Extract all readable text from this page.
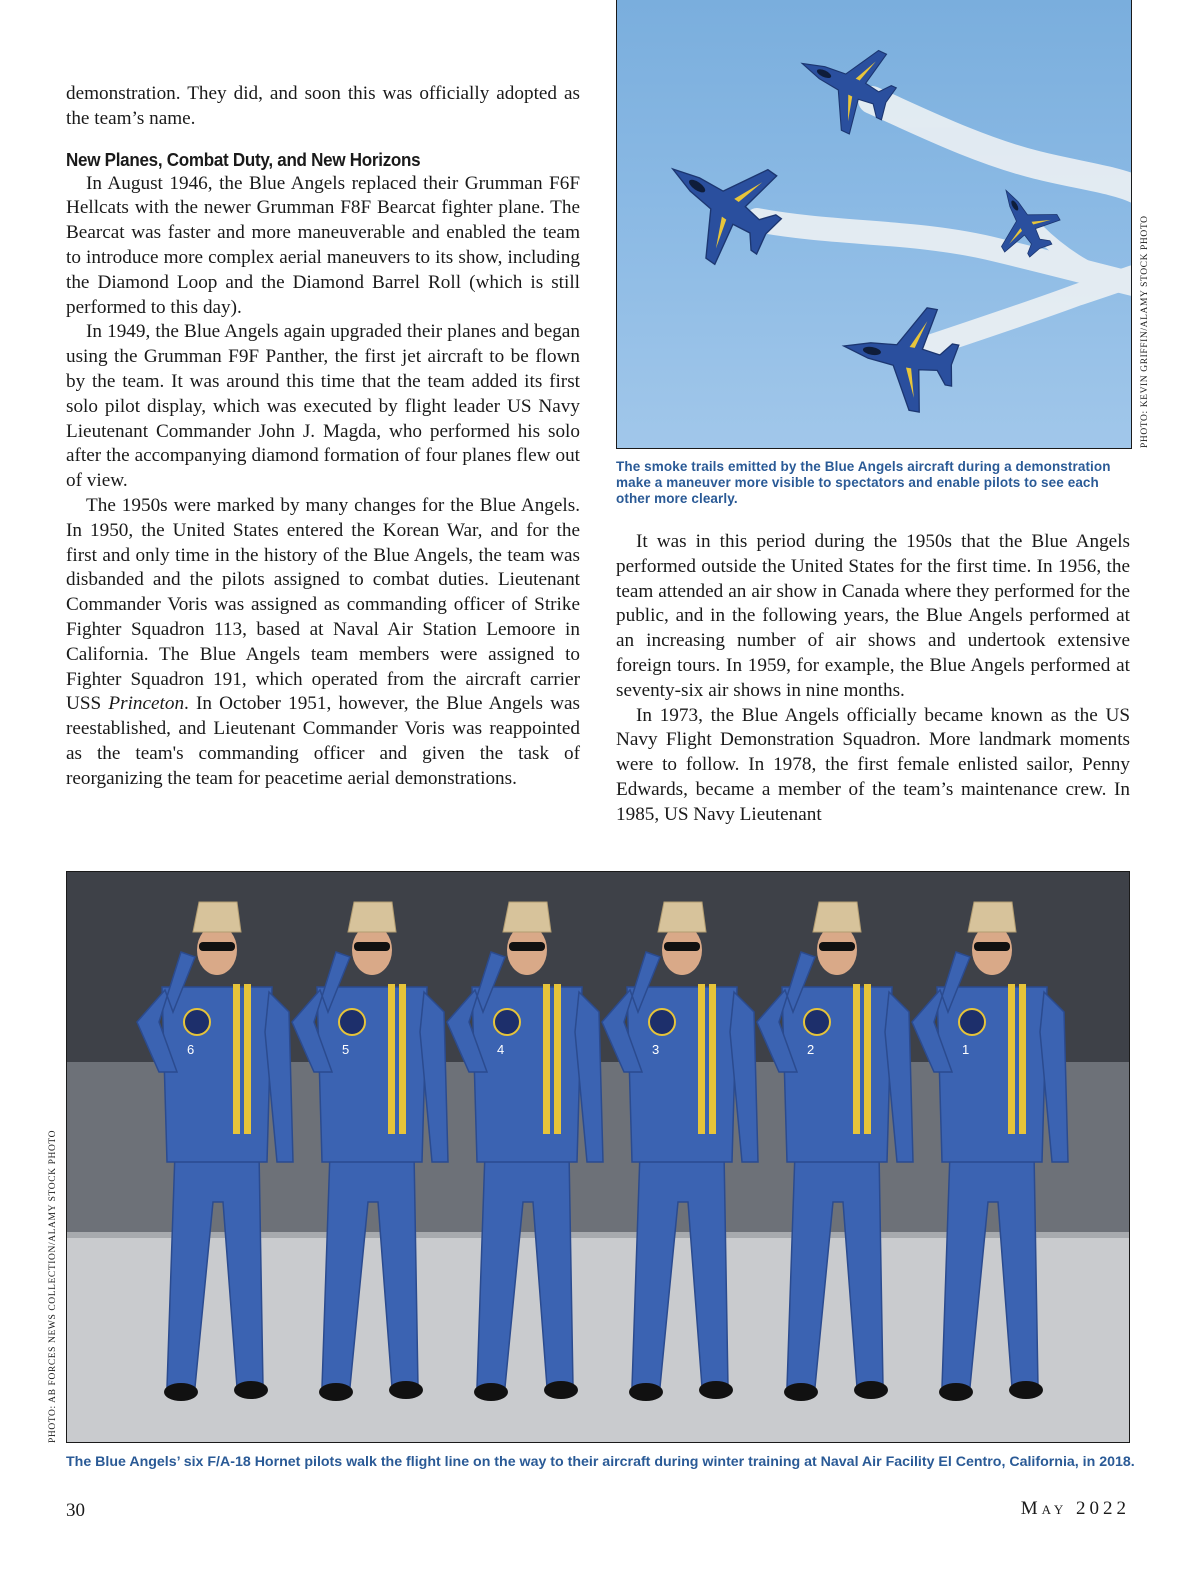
demonstration. They did, and soon this was officially adopted as the team’s name.

New Planes, Combat Duty, and New Horizons

In August 1946, the Blue Angels replaced their Grumman F6F Hellcats with the newer Grumman F8F Bearcat fighter plane. The Bearcat was faster and more maneuverable and enabled the team to introduce more complex aerial maneuvers to its show, including the Diamond Loop and the Diamond Barrel Roll (which is still performed to this day).

In 1949, the Blue Angels again upgraded their planes and began using the Grumman F9F Panther, the first jet aircraft to be flown by the team. It was around this time that the team added its first solo pilot display, which was executed by flight leader US Navy Lieutenant Commander John J. Magda, who performed his solo after the accompanying diamond formation of four planes flew out of view.

The 1950s were marked by many changes for the Blue Angels. In 1950, the United States entered the Korean War, and for the first and only time in the history of the Blue Angels, the team was disbanded and the pilots assigned to combat duties. Lieutenant Commander Voris was assigned as commanding officer of Strike Fighter Squadron 113, based at Naval Air Station Lemoore in California. The Blue Angels team members were assigned to Fighter Squadron 191, which operated from the aircraft carrier USS Princeton. In October 1951, however, the Blue Angels was reestablished, and Lieutenant Commander Voris was reappointed as the team's commanding officer and given the task of reorganizing the team for peacetime aerial demonstrations.

PHOTO: KEVIN GRIFFIN/ALAMY STOCK PHOTO
The smoke trails emitted by the Blue Angels aircraft during a demonstration make a maneuver more visible to spectators and enable pilots to see each other more clearly.

It was in this period during the 1950s that the Blue Angels performed outside the United States for the first time. In 1956, the team attended an air show in Canada where they performed for the public, and in the following years, the Blue Angels performed at an increasing number of air shows and undertook extensive foreign tours. In 1959, for example, the Blue Angels performed at seventy-six air shows in nine months.

In 1973, the Blue Angels officially became known as the US Navy Flight Demonstration Squadron. More landmark moments were to follow. In 1978, the first female enlisted sailor, Penny Edwards, became a member of the team’s maintenance crew. In 1985, US Navy Lieutenant

6	5	4	3	2	1
PHOTO: AB FORCES NEWS COLLECTION/ALAMY STOCK PHOTO
The Blue Angels’ six F/A-18 Hornet pilots walk the flight line on the way to their aircraft during winter training at Naval Air Facility El Centro, California, in 2018.
30	May 2022
